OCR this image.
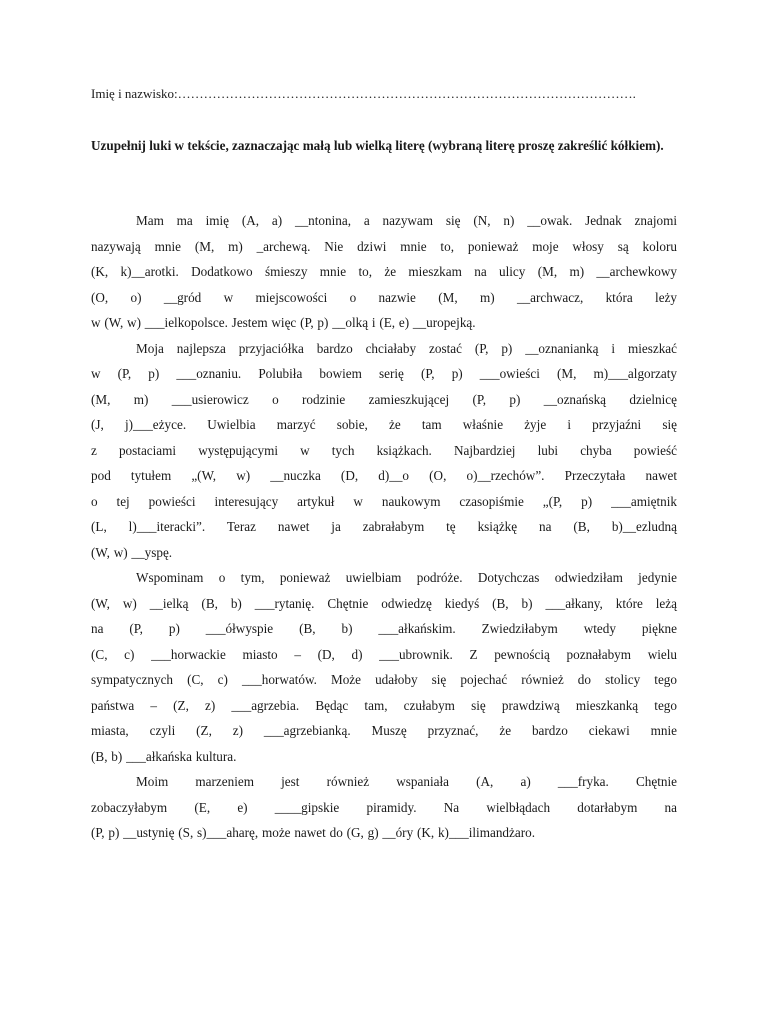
Imię i nazwisko:…………………………………………………………………………………………….
Uzupełnij luki w tekście, zaznaczając małą lub wielką literę (wybraną literę proszę zakreślić kółkiem).
Mam ma imię (A, a) __ntonina, a nazywam się (N, n) __owak. Jednak znajomi
nazywają mnie (M, m) _archewą. Nie dziwi mnie to, ponieważ moje włosy są koloru
(K, k)__arotki. Dodatkowo śmieszy mnie to, że mieszkam na ulicy (M, m) __archewkowy
(O, o) __gród w miejscowości o nazwie (M, m) __archwacz, która leży
w (W, w) ___ielkopolsce. Jestem więc (P, p) __olką i (E, e) __uropejką.
Moja najlepsza przyjaciółka bardzo chciałaby zostać (P, p) __oznanianką i mieszkać
w (P, p) ___oznaniu. Polubiła bowiem serię (P, p) ___owieści (M, m)___algorzaty
(M, m) ___usierowicz o rodzinie zamieszkującej (P, p) __oznańską dzielnicę
(J, j)___eżyce. Uwielbia marzyć sobie, że tam właśnie żyje i przyjaźni się
z postaciami występującymi w tych książkach. Najbardziej lubi chyba powieść
pod tytułem „(W, w) __nuczka (D, d)__o (O, o)__rzechów”. Przeczytała nawet
o tej powieści interesujący artykuł w naukowym czasopiśmie „(P, p) ___amiętnik
(L, l)___iteracki”. Teraz nawet ja zabrałabym tę książkę na (B, b)__ezludną
(W, w) __yspę.
Wspominam o tym, ponieważ uwielbiam podróże. Dotychczas odwiedziłam jedynie
(W, w) __ielką (B, b) ___rytanię. Chętnie odwiedzę kiedyś (B, b) ___ałkany, które leżą
na (P, p) ___ółwyspie (B, b) ___ałkańskim. Zwiedziłabym wtedy piękne
(C, c) ___horwackie miasto – (D, d) ___ubrownik. Z pewnością poznałabym wielu
sympatycznych (C, c) ___horwatów. Może udałoby się pojechać również do stolicy tego
państwa – (Z, z) ___agrzebia. Będąc tam, czułabym się prawdziwą mieszkanką tego
miasta, czyli (Z, z) ___agrzebianką. Muszę przyznać, że bardzo ciekawi mnie
(B, b) ___ałkańska kultura.
Moim marzeniem jest również wspaniała (A, a) ___fryka. Chętnie
zobaczyłabym (E, e) ____gipskie piramidy. Na wielbłądach dotarłabym na
(P, p) __ustynię (S, s)___aharę, może nawet do (G, g) __óry (K, k)___ilimandżaro.
